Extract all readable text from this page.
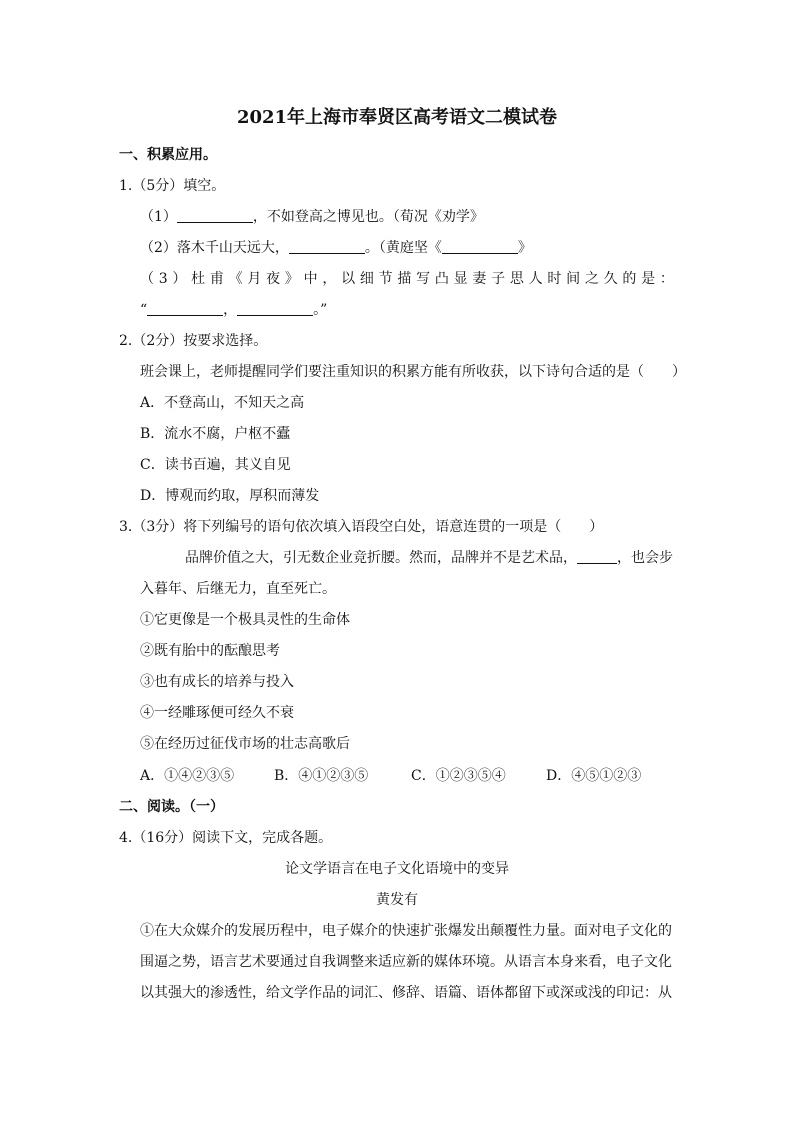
2021年上海市奉贤区高考语文二模试卷
一、积累应用。
1.（5分）填空。
（1）	，不如登高之博见也。（荀况《劝学》
（2）落木千山天远大，	。（黄庭坚《	》
（ 3 ） 杜 甫 《 月 夜 》 中 ， 以 细 节 描 写 凸 显 妻 子 思 人 时 间 之 久 的 是 ：
“	，	。”
2.（2分）按要求选择。
班会课上，老师提醒同学们要注重知识的积累方能有所收获，以下诗句合适的是（　　）
A．不登高山，不知天之高
B．流水不腐，户枢不蠹
C．读书百遍，其义自见
D．博观而约取，厚积而薄发
3.（3分）将下列编号的语句依次填入语段空白处，语意连贯的一项是（　　）
品牌价值之大，引无数企业竞折腰。然而，品牌并不是艺术品，	，也会步
入暮年、后继无力，直至死亡。
①它更像是一个极具灵性的生命体
②既有胎中的酝酿思考
③也有成长的培养与投入
④一经雕琢便可经久不衰
⑤在经历过征伐市场的壮志高歌后
A．①④②③⑤	B．④①②③⑤	C．①②③⑤④	D．④⑤①②③
二、阅读。（一）
4.（16分）阅读下文，完成各题。
论文学语言在电子文化语境中的变异
黄发有
①在大众媒介的发展历程中，电子媒介的快速扩张爆发出颠覆性力量。面对电子文化的
围逼之势，语言艺术要通过自我调整来适应新的媒体环境。从语言本身来看，电子文化
以其强大的渗透性，给文学作品的词汇、修辞、语篇、语体都留下或深或浅的印记：从
